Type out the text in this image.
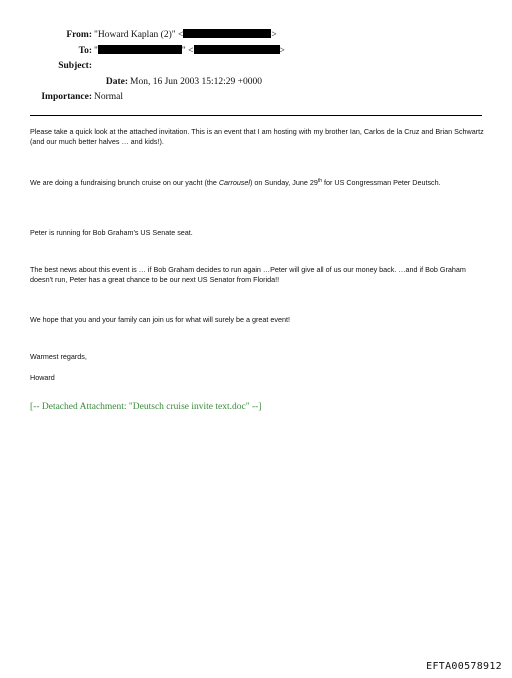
From: "Howard Kaplan (2)" <	>
To: "	" <	>
Subject:
Date: Mon, 16 Jun 2003 15:12:29 +0000
Importance: Normal
Please take a quick look at the attached invitation. This is an event that I am hosting with my brother Ian, Carlos de la Cruz and Brian Schwartz (and our much better halves … and kids!).
We are doing a fundraising brunch cruise on our yacht (the Carrousel) on Sunday, June 29th for US Congressman Peter Deutsch.
Peter is running for Bob Graham's US Senate seat.
The best news about this event is … if Bob Graham decides to run again …Peter will give all of us our money back. …and if Bob Graham doesn't run, Peter has a great chance to be our next US Senator from Florida!!
We hope that you and your family can join us for what will surely be a great event!
Warmest regards,
Howard
[-- Detached Attachment: "Deutsch cruise invite text.doc" --]
EFTA00578912
